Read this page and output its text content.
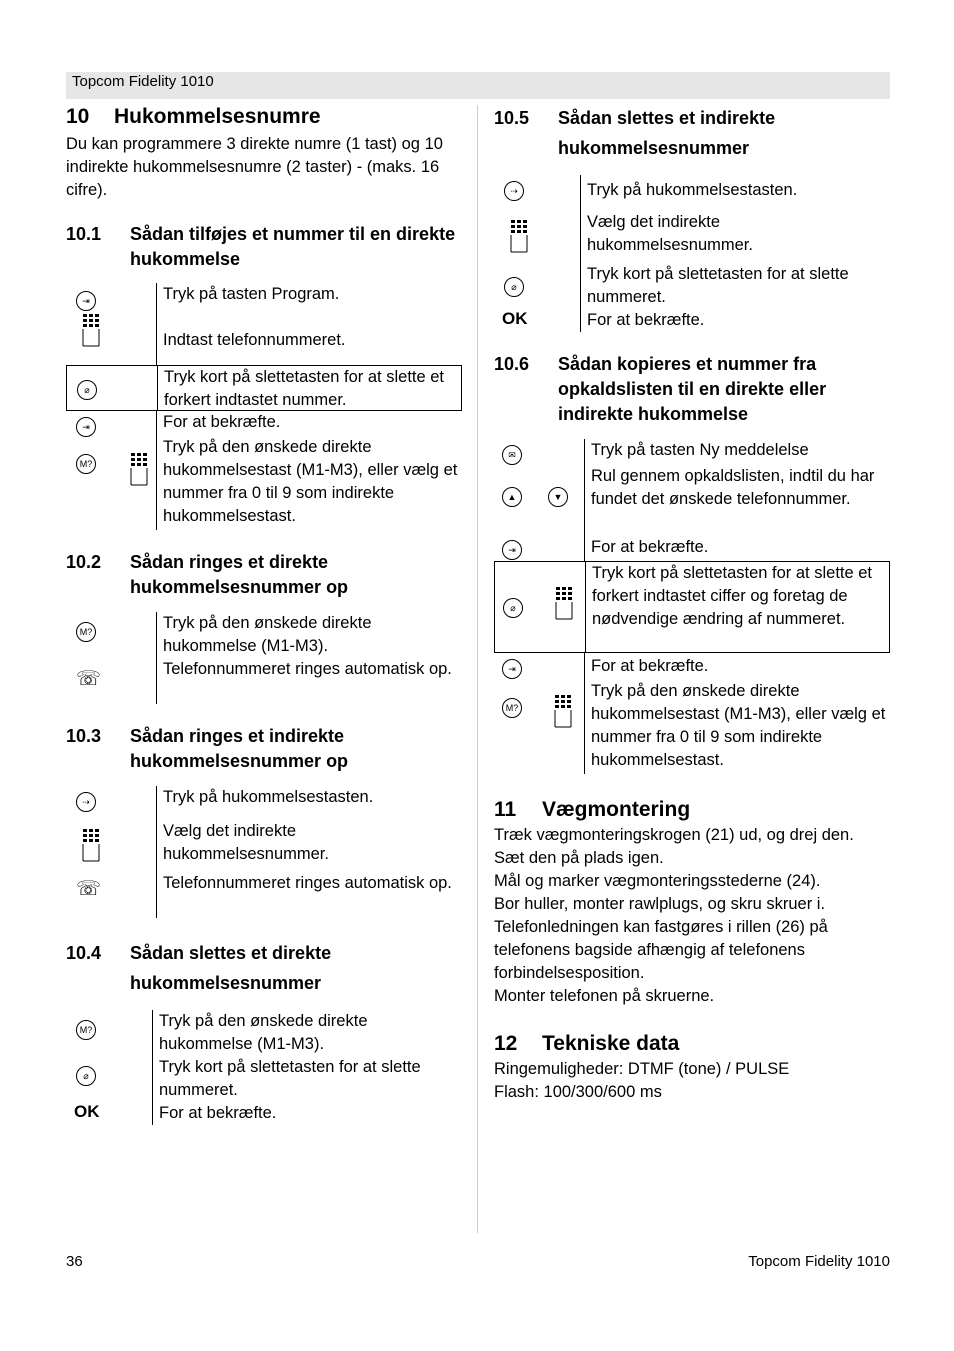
Topcom Fidelity 1010
10 Hukommelsesnumre

Du kan programmere 3 direkte numre (1 tast) og 10 indirekte hukommelsesnumre (2 taster) - (maks. 16 cifre).

10.1	Sådan tilføjes et nummer til en direkte hukommelse
⇥	Tryk på tasten Program.
Indtast telefonnummeret.
⌀
Tryk kort på slettetasten for at slette et forkert indtastet nummer.
⇥	For at bekræfte.
M?
Tryk på den ønskede direkte hukommelsestast (M1-M3), eller vælg et nummer fra 0 til 9 som indirekte hukommelsestast.
10.2	Sådan ringes et direkte hukommelsesnummer op
M?	Tryk på den ønskede direkte hukommelse (M1-M3).
☏	Telefonnummeret ringes automatisk op.
10.3	Sådan ringes et indirekte hukommelsesnummer op
⇢	Tryk på hukommelsestasten.
Vælg det indirekte hukommelsesnummer.
☏	Telefonnummeret ringes automatisk op.
10.4	Sådan slettes et direkte hukommelsesnummer
M?	Tryk på den ønskede direkte hukommelse (M1-M3).
⌀	Tryk kort på slettetasten for at slette nummeret.
OK	For at bekræfte.
10.5	Sådan slettes et indirekte hukommelsesnummer
⇢	Tryk på hukommelsestasten.
Vælg det indirekte hukommelsesnummer.
⌀
Tryk kort på slettetasten for at slette nummeret.
OK	For at bekræfte.
10.6	Sådan kopieres et nummer fra opkaldslisten til en direkte eller indirekte hukommelse
✉	Tryk på tasten Ny meddelelse
▲	▼
Rul gennem opkaldslisten, indtil du har fundet det ønskede telefonnummer.
⇥	For at bekræfte.
⌀
Tryk kort på slettetasten for at slette et forkert indtastet ciffer og foretag de nødvendige ændring af nummeret.
⇥	For at bekræfte.
M?
Tryk på den ønskede direkte hukommelsestast (M1-M3), eller vælg et nummer fra 0 til 9 som indirekte hukommelsestast.
11 Vægmontering

Træk vægmonteringskrogen (21) ud, og drej den.

Sæt den på plads igen.

Mål og marker vægmonteringsstederne (24).

Bor huller, monter rawlplugs, og skru skruer i.

Telefonledningen kan fastgøres i rillen (26) på telefonens bagside afhængig af telefonens forbindelsesposition.

Monter telefonen på skruerne.

12 Tekniske data

Ringemuligheder: DTMF (tone) / PULSE

Flash: 100/300/600 ms

36	Topcom Fidelity 1010
